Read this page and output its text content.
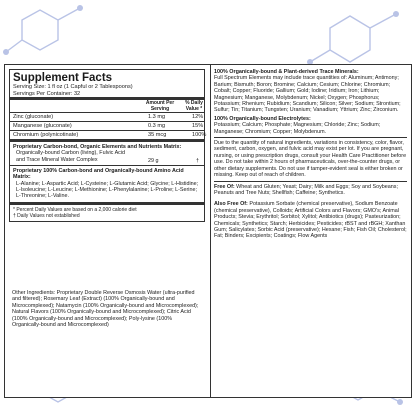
Supplement Facts
Serving Size: 1 fl oz (1 Capful or 2 Tablespoons)
Servings Per Container: 32
Amount Per Serving
% Daily Value *
Zinc (gluconate)	1.3 mg	12%
Manganese (gluconate)	0.3 mg	15%
Chromium (polynicotinate)	35 mcg	100%
Proprietary Carbon-bond, Organic Elements and Nutrients Matrix:
Organically-bound Carbon (living), Fulvic Acid and Trace Mineral Water Complex	29 g	†
Proprietary 100% Carbon-bond and Organically-bound Amino Acid Matrix:
L-Alanine; L-Aspartic Acid; L-Cysteine; L-Glutamic Acid; Glycine; L-Histidine; L-Isoleucine; L-Leucine; L-Methionine; L-Phenylalanine; L-Proline; L-Serine; L-Threonine; L-Valine.
* Percent Daily Values are based on a 2,000 calorie diet
† Daily Values not established
Other Ingredients: Proprietary Double Reverse Osmosis Water (ultra-purified and filtered); Rosemary Leaf (Extract) (100% Organically-bound and Microcomplexed); Natamycin (100% Organically-bound and Microcomplexed); Natural Flavors (100% Organically-bound and Microcomplexed); Citric Acid (100% Organically-bound and Microcomplexed); Poly-lysine (100% Organically-bound and Microcomplexed)
100% Organically-bound & Plant-derived Trace Minerals:
Full Spectrum Elements may include trace quantities of: Aluminum; Antimony; Barium; Bismuth; Boron; Bromine; Calcium; Cesium; Chlorine; Chromium; Cobalt; Copper; Fluoride; Gallium; Gold; Iodine; Iridium; Iron; Lithium; Magnesium; Manganese, Molybdenum; Nickel; Oxygen; Phosphorus; Potassium; Rhenium; Rubidium; Scandium; Silicon; Silver; Sodium; Strontium; Sulfur; Tin; Titanium; Tungsten; Uranium; Vanadium; Yttrium; Zinc; Zirconium.
100% Organically-bound Electrolytes:
Potassium; Calcium; Phosphate; Magnesium; Chloride; Zinc; Sodium; Manganese; Chromium; Copper; Molybdenum.
Due to the quantity of natural ingredients, variations in consistency, color, flavor, sediment, carbon, oxygen, and fulvic acid may exist per lot. If you are pregnant, nursing, or using prescription drugs, consult your Health Care Practitioner before use. Do not take within 2 hours of pharmaceuticals, over-the-counter drugs, or other dietary supplements. Do not use if tamper-evident seal is either broken or missing. Keep out of reach of children.
Free Of: Wheat and Gluten; Yeast; Dairy; Milk and Eggs; Soy and Soybeans; Peanuts and Tree Nuts; Shellfish; Caffeine; Synthetics.
Also Free Of: Potassium Sorbate (chemical preservative), Sodium Benzoate (chemical preservative), Colloids; Artificial Colors and Flavors; GMO's; Animal Products; Stevia; Erythritol; Sorbitol; Xylitol; Antibiotics (drugs); Pasteurization; Chemicals; Synthetics; Starch; Herbicides; Pesticides; rBST and rBGH; Xanthan Gum; Salicylates; Sorbic Acid (preservative); Hexane; Fish; Fish Oil; Cholesterol; Fat; Binders; Excipients; Coatings; Flow Agents
